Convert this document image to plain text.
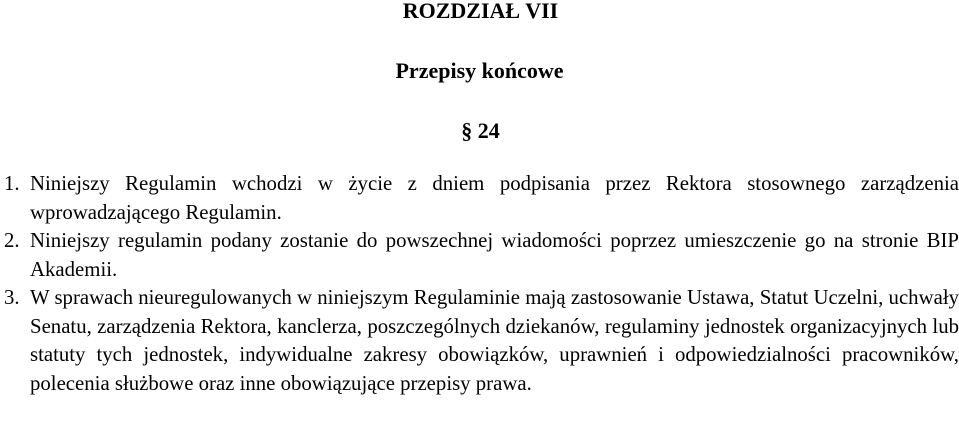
ROZDZIAŁ VII
Przepisy końcowe
§ 24
1. Niniejszy Regulamin wchodzi w życie z dniem podpisania przez Rektora stosownego zarządzenia wprowadzającego Regulamin.
2. Niniejszy regulamin podany zostanie do powszechnej wiadomości poprzez umieszczenie go na stronie BIP Akademii.
3. W sprawach nieuregulowanych w niniejszym Regulaminie mają zastosowanie Ustawa, Statut Uczelni, uchwały Senatu, zarządzenia Rektora, kanclerza, poszczególnych dziekanów, regulaminy jednostek organizacyjnych lub statuty tych jednostek, indywidualne zakresy obowiązków, uprawnień i odpowiedzialności pracowników, polecenia służbowe oraz inne obowiązujące przepisy prawa.
